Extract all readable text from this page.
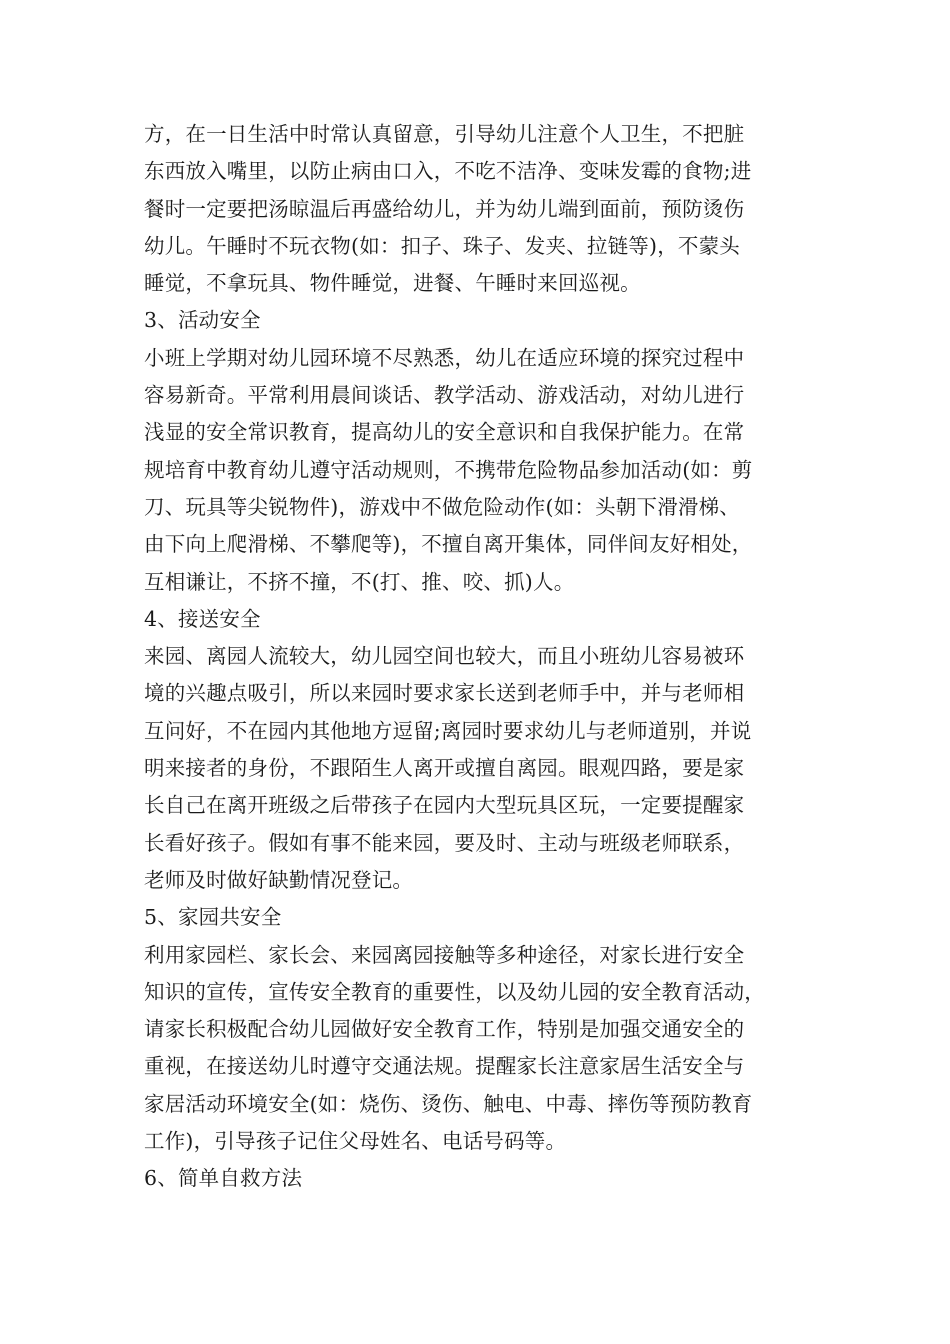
方，在一日生活中时常认真留意，引导幼儿注意个人卫生，不把脏
东西放入嘴里，以防止病由口入，不吃不洁净、变味发霉的食物;进
餐时一定要把汤晾温后再盛给幼儿，并为幼儿端到面前，预防烫伤
幼儿。午睡时不玩衣物(如：扣子、珠子、发夹、拉链等)，不蒙头
睡觉，不拿玩具、物件睡觉，进餐、午睡时来回巡视。
3、活动安全
小班上学期对幼儿园环境不尽熟悉，幼儿在适应环境的探究过程中
容易新奇。平常利用晨间谈话、教学活动、游戏活动，对幼儿进行
浅显的安全常识教育，提高幼儿的安全意识和自我保护能力。在常
规培育中教育幼儿遵守活动规则，不携带危险物品参加活动(如：剪
刀、玩具等尖锐物件)，游戏中不做危险动作(如：头朝下滑滑梯、
由下向上爬滑梯、不攀爬等)，不擅自离开集体，同伴间友好相处，
互相谦让，不挤不撞，不(打、推、咬、抓)人。
4、接送安全
来园、离园人流较大，幼儿园空间也较大，而且小班幼儿容易被环
境的兴趣点吸引，所以来园时要求家长送到老师手中，并与老师相
互问好，不在园内其他地方逗留;离园时要求幼儿与老师道别，并说
明来接者的身份，不跟陌生人离开或擅自离园。眼观四路，要是家
长自己在离开班级之后带孩子在园内大型玩具区玩，一定要提醒家
长看好孩子。假如有事不能来园，要及时、主动与班级老师联系，
老师及时做好缺勤情况登记。
5、家园共安全
利用家园栏、家长会、来园离园接触等多种途径，对家长进行安全
知识的宣传，宣传安全教育的重要性，以及幼儿园的安全教育活动，
请家长积极配合幼儿园做好安全教育工作，特别是加强交通安全的
重视，在接送幼儿时遵守交通法规。提醒家长注意家居生活安全与
家居活动环境安全(如：烧伤、烫伤、触电、中毒、摔伤等预防教育
工作)，引导孩子记住父母姓名、电话号码等。
6、简单自救方法
